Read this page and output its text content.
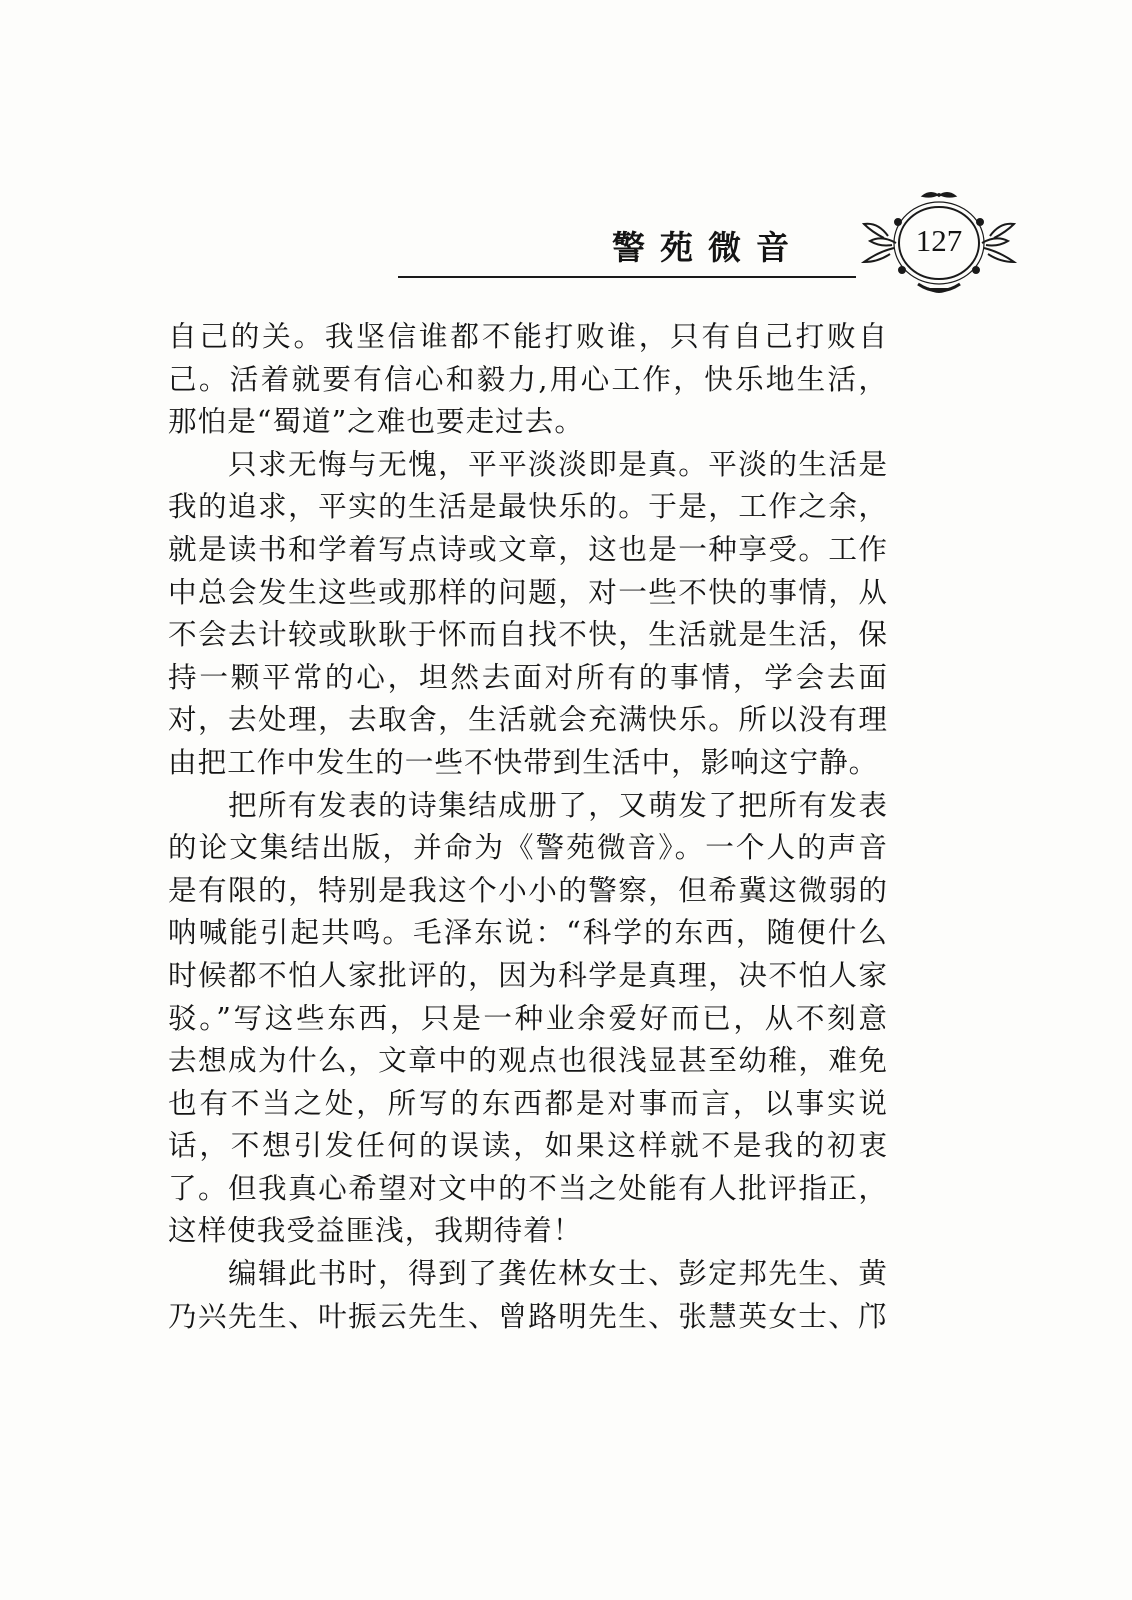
警苑微音	127

自己的关。我坚信谁都不能打败谁，只有自己打败自

己。活着就要有信心和毅力,用心工作，快乐地生活，

那怕是“蜀道”之难也要走过去。

只求无悔与无愧，平平淡淡即是真。平淡的生活是

我的追求，平实的生活是最快乐的。于是，工作之余，

就是读书和学着写点诗或文章，这也是一种享受。工作

中总会发生这些或那样的问题，对一些不快的事情，从

不会去计较或耿耿于怀而自找不快，生活就是生活，保

持一颗平常的心，坦然去面对所有的事情，学会去面

对，去处理，去取舍，生活就会充满快乐。所以没有理

由把工作中发生的一些不快带到生活中，影响这宁静。

把所有发表的诗集结成册了，又萌发了把所有发表

的论文集结出版，并命为《警苑微音》。一个人的声音

是有限的，特别是我这个小小的警察，但希冀这微弱的

呐喊能引起共鸣。毛泽东说：“科学的东西，随便什么

时候都不怕人家批评的，因为科学是真理，决不怕人家

驳。”写这些东西，只是一种业余爱好而已，从不刻意

去想成为什么，文章中的观点也很浅显甚至幼稚，难免

也有不当之处，所写的东西都是对事而言，以事实说

话，不想引发任何的误读，如果这样就不是我的初衷

了。但我真心希望对文中的不当之处能有人批评指正，

这样使我受益匪浅，我期待着！

编辑此书时，得到了龚佐林女士、彭定邦先生、黄

乃兴先生、叶振云先生、曾路明先生、张慧英女士、邝
